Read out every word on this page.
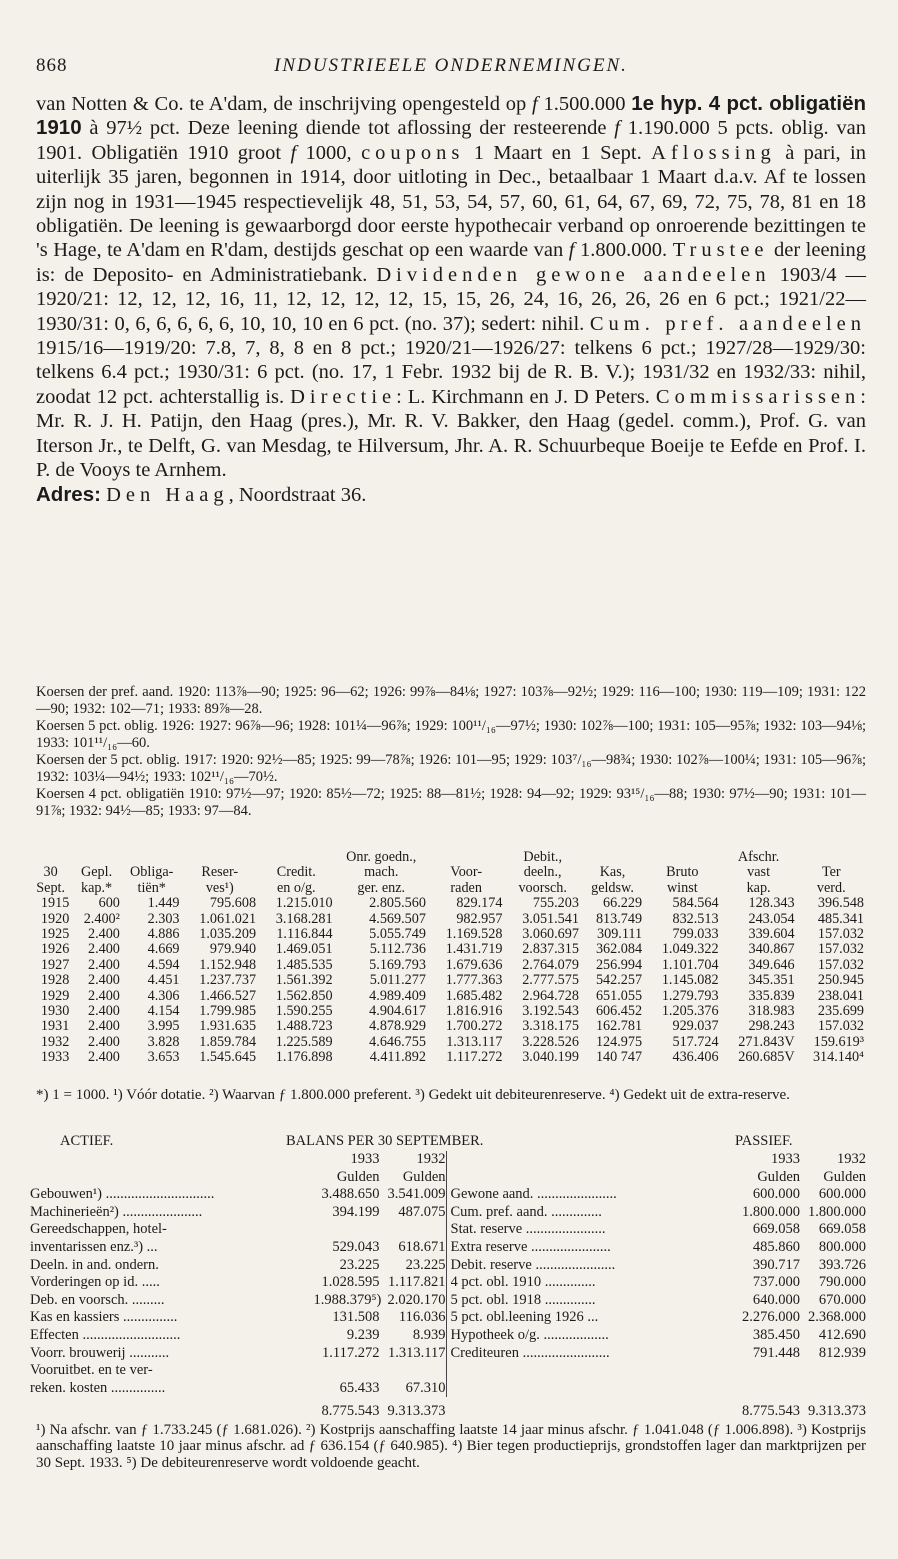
INDUSTRIEELE ONDERNEMINGEN.
868
van Notten & Co. te A'dam, de inschrijving opengesteld op f 1.500.000 1e hyp. 4 pct. obligatiën 1910 à 97½ pct. Deze leening diende tot aflossing der resteerende f 1.190.000 5 pcts. oblig. van 1901. Obligatiën 1910 groot f 1000, coupons 1 Maart en 1 Sept. Aflossing à pari, in uiterlijk 35 jaren, begonnen in 1914, door uitloting in Dec., betaalbaar 1 Maart d.a.v. Af te lossen zijn nog in 1931—1945 respectievelijk 48, 51, 53, 54, 57, 60, 61, 64, 67, 69, 72, 75, 78, 81 en 18 obligatiën. De leening is gewaarborgd door eerste hypothecair verband op onroerende bezittingen te 's Hage, te A'dam en R'dam, destijds geschat op een waarde van f 1.800.000. Trustee der leening is: de Deposito- en Administratiebank. Dividenden gewone aandeelen 1903/4 —1920/21: 12, 12, 12, 16, 11, 12, 12, 12, 12, 15, 15, 26, 24, 16, 26, 26, 26 en 6 pct.; 1921/22—1930/31: 0, 6, 6, 6, 6, 6, 10, 10, 10 en 6 pct. (no. 37); sedert: nihil. Cum. pref. aandeelen 1915/16—1919/20: 7.8, 7, 8, 8 en 8 pct.; 1920/21—1926/27: telkens 6 pct.; 1927/28—1929/30: telkens 6.4 pct.; 1930/31: 6 pct. (no. 17, 1 Febr. 1932 bij de R. B. V.); 1931/32 en 1932/33: nihil, zoodat 12 pct. achterstallig is. Directie: L. Kirchmann en J. D Peters. Commissarissen: Mr. R. J. H. Patijn, den Haag (pres.), Mr. R. V. Bakker, den Haag (gedel. comm.), Prof. G. van Iterson Jr., te Delft, G. van Mesdag, te Hilversum, Jhr. A. R. Schuurbeque Boeije te Eefde en Prof. I. P. de Vooys te Arnhem.
Adres: Den Haag, Noordstraat 36.

Koersen der pref. aand. 1920: 113⅞—90; 1925: 96—62; 1926: 99⅞—84⅛; 1927: 103⅞—92½; 1929: 116—100; 1930: 119—109; 1931: 122—90; 1932: 102—71; 1933: 89⅞—28.

Koersen 5 pct. oblig. 1926: 1927: 96⅞—96; 1928: 101¼—96⅞; 1929: 100¹¹/₁₆—97½; 1930: 102⅞—100; 1931: 105—95⅞; 1932: 103—94⅛; 1933: 101¹¹/₁₆—60.

Koersen der 5 pct. oblig. 1917: 1920: 92½—85; 1925: 99—78⅞; 1926: 101—95; 1929: 103⁷/₁₆—98¾; 1930: 102⅞—100¼; 1931: 105—96⅞; 1932: 103¼—94½; 1933: 102¹¹/₁₆—70½.

Koersen 4 pct. obligatiën 1910: 97½—97; 1920: 85½—72; 1925: 88—81½; 1928: 94—92; 1929: 93¹⁵/₁₆—88; 1930: 97½—90; 1931: 101—91⅞; 1932: 94½—85; 1933: 97—84.

					Onr. goedn.,		Debit.,			Afschr.	
30	Gepl.	Obliga-	Reser-	Credit.	mach.	Voor-	deeln.,	Kas,	Bruto	vast	Ter
Sept.	kap.*	tiën*	ves¹)	en o/g.	ger. enz.	raden	voorsch.	geldsw.	winst	kap.	verd.
1915	600	1.449	795.608	1.215.010	2.805.560	829.174	755.203	66.229	584.564	128.343	396.548
1920	2.400²	2.303	1.061.021	3.168.281	4.569.507	982.957	3.051.541	813.749	832.513	243.054	485.341
1925	2.400	4.886	1.035.209	1.116.844	5.055.749	1.169.528	3.060.697	309.111	799.033	339.604	157.032
1926	2.400	4.669	979.940	1.469.051	5.112.736	1.431.719	2.837.315	362.084	1.049.322	340.867	157.032
1927	2.400	4.594	1.152.948	1.485.535	5.169.793	1.679.636	2.764.079	256.994	1.101.704	349.646	157.032
1928	2.400	4.451	1.237.737	1.561.392	5.011.277	1.777.363	2.777.575	542.257	1.145.082	345.351	250.945
1929	2.400	4.306	1.466.527	1.562.850	4.989.409	1.685.482	2.964.728	651.055	1.279.793	335.839	238.041
1930	2.400	4.154	1.799.985	1.590.255	4.904.617	1.816.916	3.192.543	606.452	1.205.376	318.983	235.699
1931	2.400	3.995	1.931.635	1.488.723	4.878.929	1.700.272	3.318.175	162.781	929.037	298.243	157.032
1932	2.400	3.828	1.859.784	1.225.589	4.646.755	1.313.117	3.228.526	124.975	517.724	271.843V	159.619³
1933	2.400	3.653	1.545.645	1.176.898	4.411.892	1.117.272	3.040.199	140 747	436.406	260.685V	314.140⁴
*) 1 = 1000. ¹) Vóór dotatie. ²) Waarvan ƒ 1.800.000 preferent. ³) Gedekt uit debiteurenreserve. ⁴) Gedekt uit de extra-reserve.
ACTIEF.	BALANS PER 30 SEPTEMBER.	PASSIEF.
1933	1932
Gulden	Gulden
Gebouwen¹) ..............................	3.488.650 3.541.009
Machinerieën²) ......................	394.199	487.075
Gereedschappen, hotel-
inventarissen enz.³) ...	529.043	618.671
Deeln. in and. ondern.	23.225	23.225
Vorderingen op id. .....	1.028.595 1.117.821
Deb. en voorsch. .........	1.988.379⁵) 2.020.170
Kas en kassiers ...............	131.508	116.036
Effecten ...........................	9.239	8.939
Voorr. brouwerij ...........	1.117.272 1.313.117
Vooruitbet. en te ver-
reken. kosten ...............	65.433	67.310
1933	1932
Gulden	Gulden
Gewone aand. ......................	600.000	600.000
Cum. pref. aand. ..............	1.800.000 1.800.000
Stat. reserve ......................	669.058	669.058
Extra reserve ......................	485.860	800.000
Debit. reserve ......................	390.717	393.726
4 pct. obl. 1910 ..............	737.000	790.000
5 pct. obl. 1918 ..............	640.000	670.000
5 pct. obl.leening 1926 ...	2.276.000 2.368.000
Hypotheek o/g. ..................	385.450	412.690
Crediteuren ........................	791.448	812.939
8.775.543 9.313.373	8.775.543 9.313.373
¹) Na afschr. van ƒ 1.733.245 (ƒ 1.681.026). ²) Kostprijs aanschaffing laatste 14 jaar minus afschr. ƒ 1.041.048 (ƒ 1.006.898). ³) Kostprijs aanschaffing laatste 10 jaar minus afschr. ad ƒ 636.154 (ƒ 640.985). ⁴) Bier tegen productieprijs, grondstoffen lager dan marktprijzen per 30 Sept. 1933. ⁵) De debiteurenreserve wordt voldoende geacht.
